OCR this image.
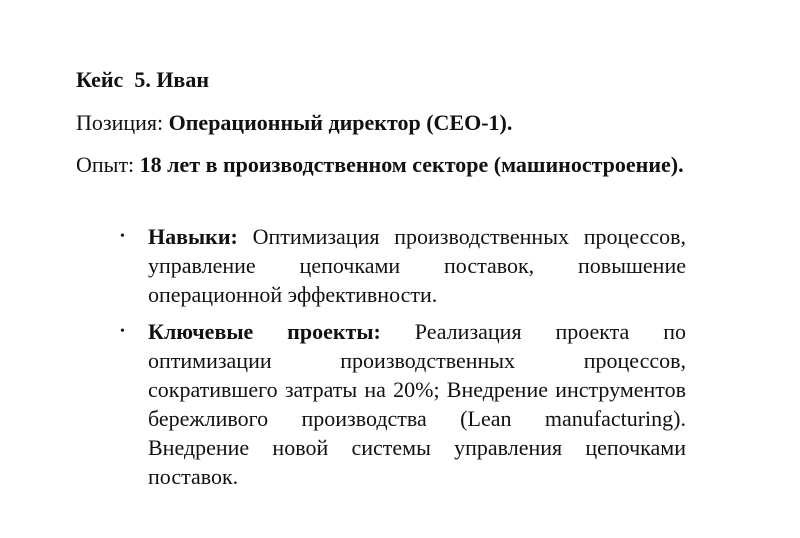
Кейс  5. Иван
Позиция: Операционный директор (СЕО-1).
Опыт: 18 лет в производственном секторе (машиностроение).
• Навыки: Оптимизация производственных процессов, управление цепочками поставок, повышение операционной эффективности.
• Ключевые проекты: Реализация проекта по оптимизации производственных процессов, сократившего затраты на 20%; Внедрение инструментов бережливого производства (Lean manufacturing). Внедрение новой системы управления цепочками поставок.
